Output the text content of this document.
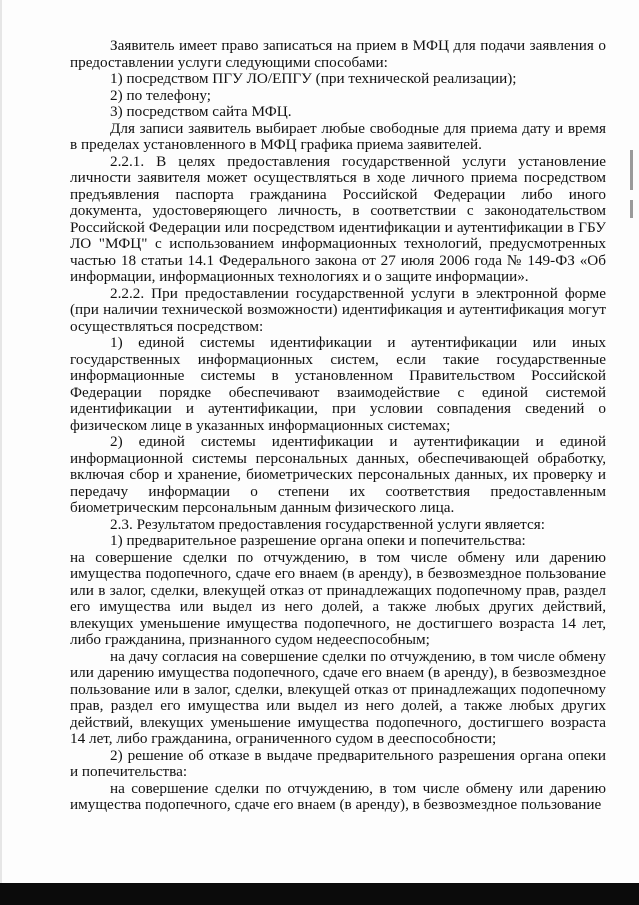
Заявитель имеет право записаться на прием в МФЦ для подачи заявления о предоставлении услуги следующими способами:

1) посредством ПГУ ЛО/ЕПГУ (при технической реализации);

2) по телефону;

3) посредством сайта МФЦ.

Для записи заявитель выбирает любые свободные для приема дату и время в пределах установленного в МФЦ графика приема заявителей.

2.2.1. В целях предоставления государственной услуги установление личности заявителя может осуществляться в ходе личного приема посредством предъявления паспорта гражданина Российской Федерации либо иного документа, удостоверяющего личность, в соответствии с законодательством Российской Федерации или посредством идентификации и аутентификации в ГБУ ЛО "МФЦ" с использованием информационных технологий, предусмотренных частью 18 статьи 14.1 Федерального закона от 27 июля 2006 года № 149-ФЗ «Об информации, информационных технологиях и о защите информации».

2.2.2. При предоставлении государственной услуги в электронной форме (при наличии технической возможности) идентификация и аутентификация могут осуществляться посредством:

1) единой системы идентификации и аутентификации или иных государственных информационных систем, если такие государственные информационные системы в установленном Правительством Российской Федерации порядке обеспечивают взаимодействие с единой системой идентификации и аутентификации, при условии совпадения сведений о физическом лице в указанных информационных системах;

2) единой системы идентификации и аутентификации и единой информационной системы персональных данных, обеспечивающей обработку, включая сбор и хранение, биометрических персональных данных, их проверку и передачу информации о степени их соответствия предоставленным биометрическим персональным данным физического лица.

2.3. Результатом предоставления государственной услуги является:

1) предварительное разрешение органа опеки и попечительства:

на совершение сделки по отчуждению, в том числе обмену или дарению имущества подопечного, сдаче его внаем (в аренду), в безвозмездное пользование или в залог, сделки, влекущей отказ от принадлежащих подопечному прав, раздел его имущества или выдел из него долей, а также любых других действий, влекущих уменьшение имущества подопечного, не достигшего возраста 14 лет, либо гражданина, признанного судом недееспособным;

на дачу согласия на совершение сделки по отчуждению, в том числе обмену или дарению имущества подопечного, сдаче его внаем (в аренду), в безвозмездное пользование или в залог, сделки, влекущей отказ от принадлежащих подопечному прав, раздел его имущества или выдел из него долей, а также любых других действий, влекущих уменьшение имущества подопечного, достигшего возраста 14 лет, либо гражданина, ограниченного судом в дееспособности;

2) решение об отказе в выдаче предварительного разрешения органа опеки и попечительства:

на совершение сделки по отчуждению, в том числе обмену или дарению имущества подопечного, сдаче его внаем (в аренду), в безвозмездное пользование
